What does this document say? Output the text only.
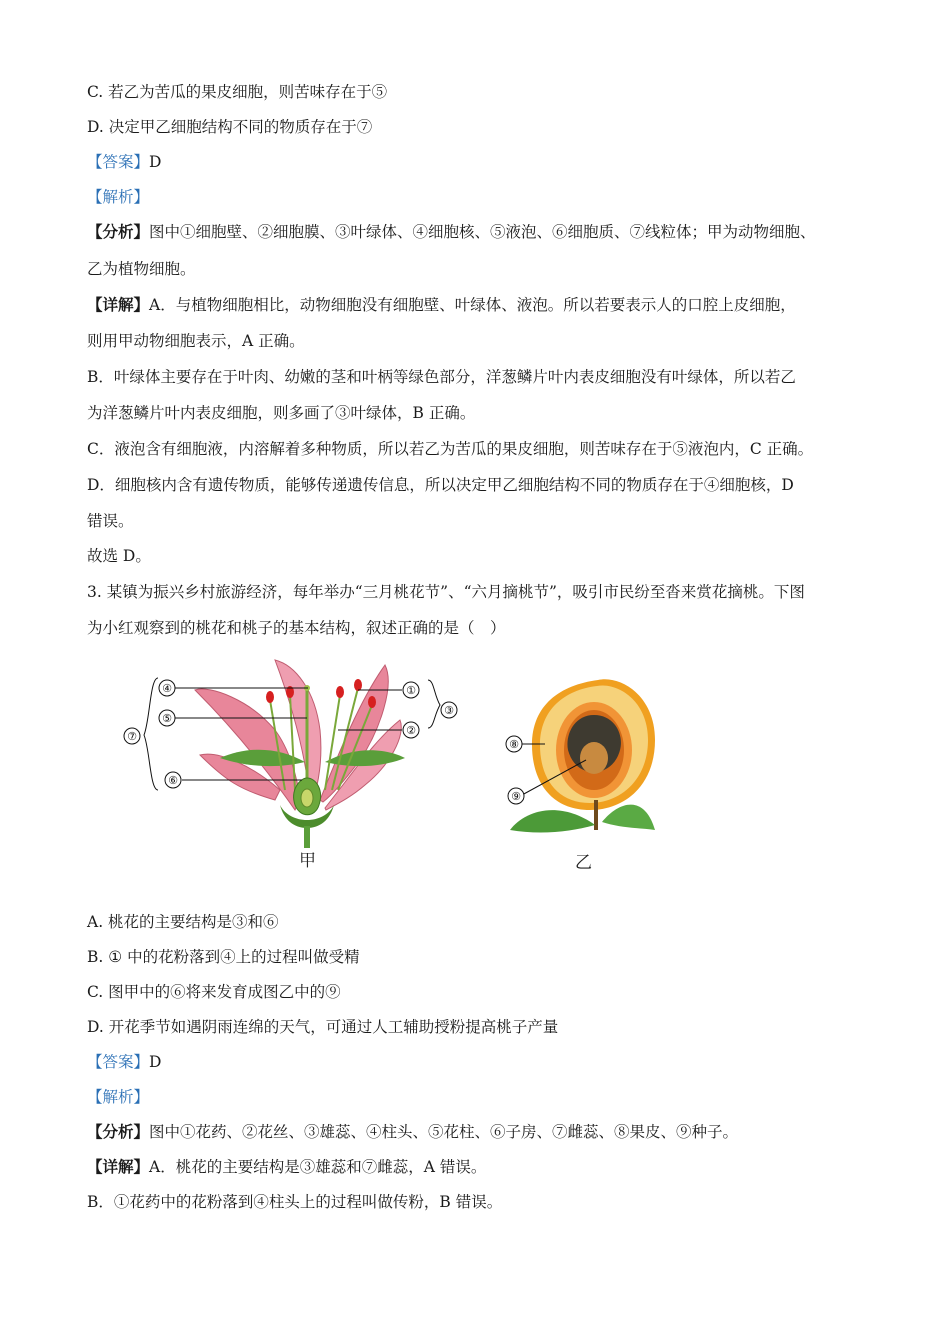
C. 若乙为苦瓜的果皮细胞，则苦味存在于⑤
D. 决定甲乙细胞结构不同的物质存在于⑦
【答案】D
【解析】
【分析】图中①细胞壁、②细胞膜、③叶绿体、④细胞核、⑤液泡、⑥细胞质、⑦线粒体；甲为动物细胞、
乙为植物细胞。
【详解】A．与植物细胞相比，动物细胞没有细胞壁、叶绿体、液泡。所以若要表示人的口腔上皮细胞，
则用甲动物细胞表示，A 正确。
B．叶绿体主要存在于叶肉、幼嫩的茎和叶柄等绿色部分，洋葱鳞片叶内表皮细胞没有叶绿体，所以若乙
为洋葱鳞片叶内表皮细胞，则多画了③叶绿体，B 正确。
C．液泡含有细胞液，内溶解着多种物质，所以若乙为苦瓜的果皮细胞，则苦味存在于⑤液泡内，C 正确。
D．细胞核内含有遗传物质，能够传递遗传信息，所以决定甲乙细胞结构不同的物质存在于④细胞核，D
错误。
故选 D。
3. 某镇为振兴乡村旅游经济，每年举办“三月桃花节”、“六月摘桃节”，吸引市民纷至沓来赏花摘桃。下图
为小红观察到的桃花和桃子的基本结构，叙述正确的是（　）
④
⑤
⑥
⑦
①
②
③
甲
⑧
⑨
乙
A. 桃花的主要结构是③和⑥
B. ① 中的花粉落到④上的过程叫做受精
C. 图甲中的⑥将来发育成图乙中的⑨
D. 开花季节如遇阴雨连绵的天气，可通过人工辅助授粉提高桃子产量
【答案】D
【解析】
【分析】图中①花药、②花丝、③雄蕊、④柱头、⑤花柱、⑥子房、⑦雌蕊、⑧果皮、⑨种子。
【详解】A．桃花的主要结构是③雄蕊和⑦雌蕊，A 错误。
B．①花药中的花粉落到④柱头上的过程叫做传粉，B 错误。
